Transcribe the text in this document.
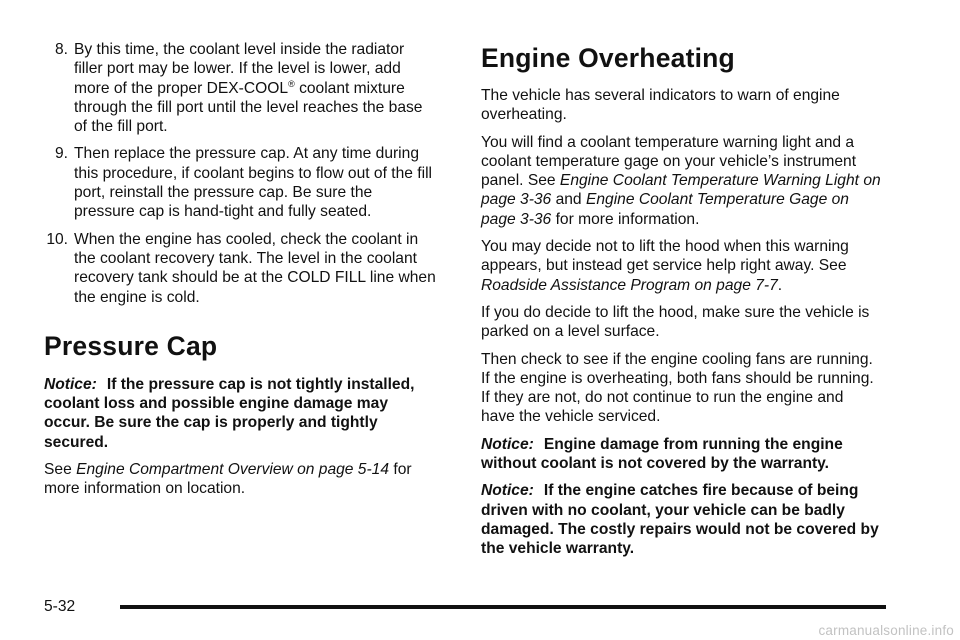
8. By this time, the coolant level inside the radiator filler port may be lower. If the level is lower, add more of the proper DEX-COOL® coolant mixture through the fill port until the level reaches the base of the fill port.
9. Then replace the pressure cap. At any time during this procedure, if coolant begins to flow out of the fill port, reinstall the pressure cap. Be sure the pressure cap is hand-tight and fully seated.
10. When the engine has cooled, check the coolant in the coolant recovery tank. The level in the coolant recovery tank should be at the COLD FILL line when the engine is cold.
Pressure Cap

Notice: If the pressure cap is not tightly installed, coolant loss and possible engine damage may occur. Be sure the cap is properly and tightly secured.

See Engine Compartment Overview on page 5-14 for more information on location.

Engine Overheating

The vehicle has several indicators to warn of engine overheating.

You will find a coolant temperature warning light and a coolant temperature gage on your vehicle’s instrument panel. See Engine Coolant Temperature Warning Light on page 3-36 and Engine Coolant Temperature Gage on page 3-36 for more information.

You may decide not to lift the hood when this warning appears, but instead get service help right away. See Roadside Assistance Program on page 7-7.

If you do decide to lift the hood, make sure the vehicle is parked on a level surface.

Then check to see if the engine cooling fans are running. If the engine is overheating, both fans should be running. If they are not, do not continue to run the engine and have the vehicle serviced.

Notice: Engine damage from running the engine without coolant is not covered by the warranty.

Notice: If the engine catches fire because of being driven with no coolant, your vehicle can be badly damaged. The costly repairs would not be covered by the vehicle warranty.

5-32
carmanualsonline.info
